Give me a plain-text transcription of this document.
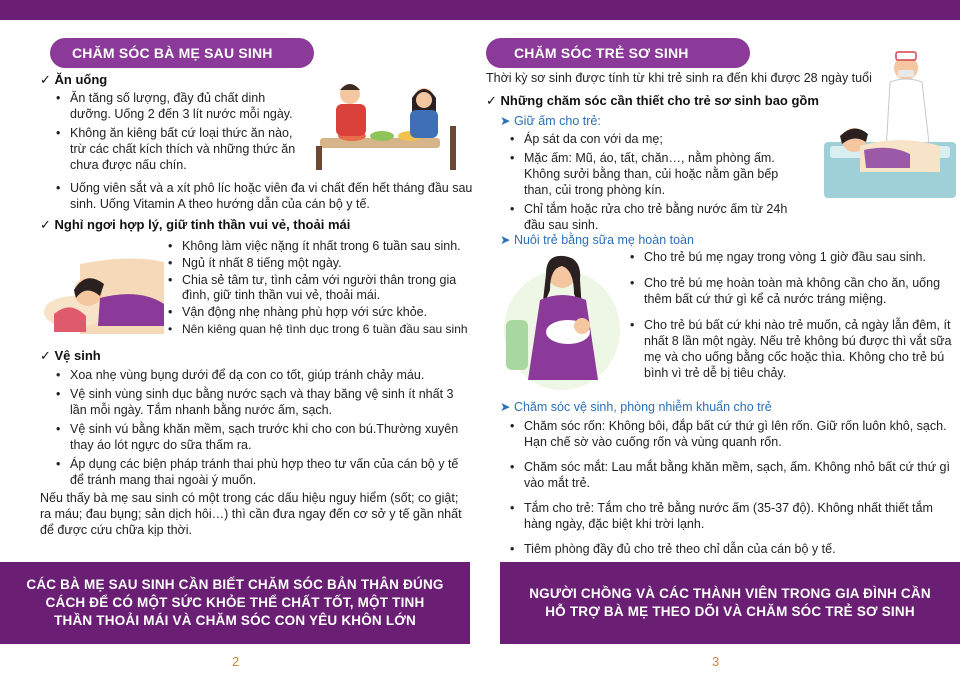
CHĂM SÓC BÀ MẸ SAU SINH
✓ Ăn uống
• Ăn tăng số lượng, đầy đủ chất dinh dưỡng. Uống 2 đến 3 lít nước mỗi ngày.
• Không ăn kiêng bất cứ loại thức ăn nào, trừ các chất kích thích và những thức ăn chưa được nấu chín.
• Uống viên sắt và a xít phô líc hoặc viên đa vi chất đến hết tháng đầu sau sinh. Uống Vitamin A theo hướng dẫn của cán bộ y tế.
✓ Nghỉ ngơi hợp lý, giữ tinh thần vui vẻ, thoải mái
• Không làm việc nặng ít nhất trong 6 tuần sau sinh.
• Ngủ ít nhất 8 tiếng một ngày.
• Chia sẻ tâm tư, tình cảm với người thân trong gia đình, giữ tinh thần vui vẻ, thoải mái.
• Vận động nhẹ nhàng phù hợp với sức khỏe.
• Nên kiêng quan hệ tình dục trong 6 tuần đầu sau sinh
✓ Vệ sinh
• Xoa nhẹ vùng bụng dưới để dạ con co tốt, giúp tránh chảy máu.
• Vệ sinh vùng sinh dục bằng nước sạch và thay băng vệ sinh ít nhất 3 lần mỗi ngày. Tắm nhanh bằng nước ấm, sạch.
• Vệ sinh vú bằng khăn mềm, sạch trước khi cho con bú.Thường xuyên thay áo lót ngực do sữa thấm ra.
• Áp dụng các biện pháp tránh thai phù hợp theo tư vấn của cán bộ y tế để tránh mang thai ngoài ý muốn.
Nếu thấy bà mẹ sau sinh có một trong các dấu hiệu nguy hiểm (sốt; co giật; ra máu; đau bụng; sản dịch hôi…) thì cần đưa ngay đến cơ sở y tế gần nhất để được cứu chữa kịp thời.
CÁC BÀ MẸ SAU SINH CẦN BIẾT CHĂM SÓC BẢN THÂN ĐÚNG CÁCH ĐỂ CÓ MỘT SỨC KHỎE THỂ CHẤT TỐT, MỘT TINH THẦN THOẢI MÁI VÀ CHĂM SÓC CON YÊU KHÔN LỚN
2
CHĂM SÓC TRẺ SƠ SINH
Thời kỳ sơ sinh được tính từ khi trẻ sinh ra đến khi được 28 ngày tuổi
✓ Những chăm sóc cần thiết cho trẻ sơ sinh bao gồm
➤ Giữ ấm cho trẻ:
• Áp sát da con với da mẹ;
• Mặc ấm: Mũ, áo, tất, chăn…, nằm phòng ấm. Không sưởi bằng than, củi hoặc nằm gần bếp than, củi trong phòng kín.
• Chỉ tắm hoặc rửa cho trẻ bằng nước ấm từ 24h đầu sau sinh.
➤ Nuôi trẻ bằng sữa mẹ hoàn toàn
• Cho trẻ bú mẹ ngay trong vòng 1 giờ đầu sau sinh.
• Cho trẻ bú mẹ hoàn toàn mà không cần cho ăn, uống thêm bất cứ thứ gì kể cả nước tráng miệng.
• Cho trẻ bú bất cứ khi nào trẻ muốn, cả ngày lẫn đêm, ít nhất 8 lần một ngày. Nếu trẻ không bú được thì vắt sữa mẹ và cho uống bằng cốc hoặc thìa. Không cho trẻ bú bình vì trẻ dễ bị tiêu chảy.
➤ Chăm sóc vệ sinh, phòng nhiễm khuẩn cho trẻ
• Chăm sóc rốn: Không bôi, đắp bất cứ thứ gì lên rốn. Giữ rốn luôn khô, sạch. Hạn chế sờ vào cuống rốn và vùng quanh rốn.
• Chăm sóc mắt: Lau mắt bằng khăn mềm, sạch, ấm. Không nhỏ bất cứ thứ gì vào mắt trẻ.
• Tắm cho trẻ: Tắm cho trẻ bằng nước ấm (35-37 độ). Không nhất thiết tắm hàng ngày, đặc biệt khi trời lạnh.
• Tiêm phòng đầy đủ cho trẻ theo chỉ dẫn của cán bộ y tế.
NGƯỜI CHỒNG VÀ CÁC THÀNH VIÊN TRONG GIA ĐÌNH CẦN HỖ TRỢ BÀ MẸ THEO DÕI VÀ CHĂM SÓC TRẺ SƠ SINH
3
